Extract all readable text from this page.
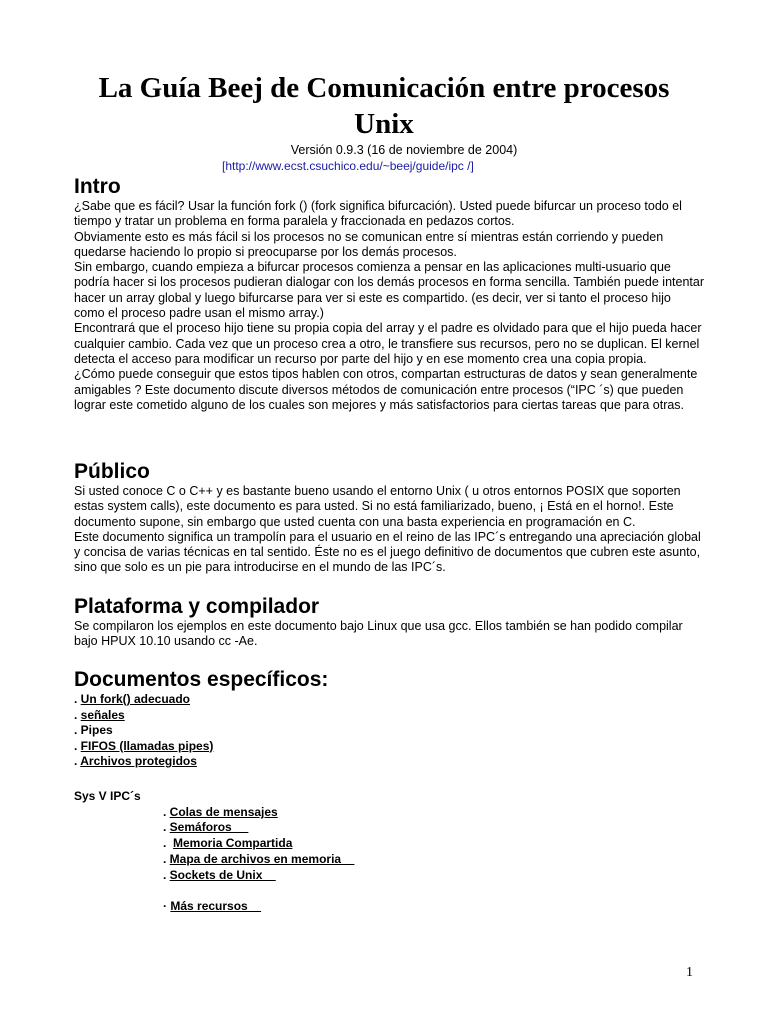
La Guía Beej de Comunicación entre procesos
Unix
Versión 0.9.3 (16 de noviembre de 2004)
[http://www.ecst.csuchico.edu/~beej/guide/ipc /]
Intro

¿Sabe que es fácil? Usar la función fork () (fork significa bifurcación). Usted puede bifurcar un proceso todo el tiempo y tratar un problema en forma paralela y fraccionada en pedazos cortos.

Obviamente esto es más fácil si los procesos no se comunican entre sí mientras están corriendo y pueden quedarse haciendo lo propio si preocuparse por los demás procesos.

Sin embargo, cuando empieza a bifurcar procesos comienza a pensar en las aplicaciones multi-usuario que podría hacer si los procesos pudieran dialogar con los demás procesos en forma sencilla. También puede intentar hacer un array global y luego bifurcarse para ver si este es compartido. (es decir, ver si tanto el proceso hijo como el proceso padre usan el mismo array.)

Encontrará que el proceso hijo tiene su propia copia del array y el padre es olvidado para que el hijo pueda hacer cualquier cambio. Cada vez que un proceso crea a otro, le transfiere sus recursos, pero no se duplican. El kernel detecta el acceso para modificar un recurso por parte del hijo y en ese momento crea una copia propia.

¿Cómo puede conseguir que estos tipos hablen con otros, compartan estructuras de datos y sean generalmente amigables ? Este documento discute diversos métodos de comunicación entre procesos (“IPC ´s) que pueden lograr este cometido alguno de los cuales son mejores y más satisfactorios para ciertas tareas que para otras.

Público

Si usted conoce C o C++ y es bastante bueno usando el entorno Unix ( u otros entornos POSIX que soporten estas system calls), este documento es para usted. Si no está familiarizado, bueno, ¡ Está en el horno!. Este documento supone, sin embargo que usted cuenta con una basta experiencia en programación en C.

Este documento significa un trampolín para el usuario en el reino de las IPC´s entregando una apreciación global y concisa de varias técnicas en tal sentido. Éste no es el juego definitivo de documentos que cubren este asunto, sino que solo es un pie para introducirse en el mundo de las IPC´s.

Plataforma y compilador

Se compilaron los ejemplos en este documento bajo Linux que usa gcc. Ellos también se han podido compilar bajo HPUX 10.10 usando cc -Ae.

Documentos específicos:
. Un fork() adecuado
. señales
. Pipes
. FIFOS (llamadas pipes)
. Archivos protegidos
Sys V IPC´s
. Colas de mensajes
. Semáforos
.  Memoria Compartida
. Mapa de archivos en memoria
. Sockets de Unix
· Más recursos
1
